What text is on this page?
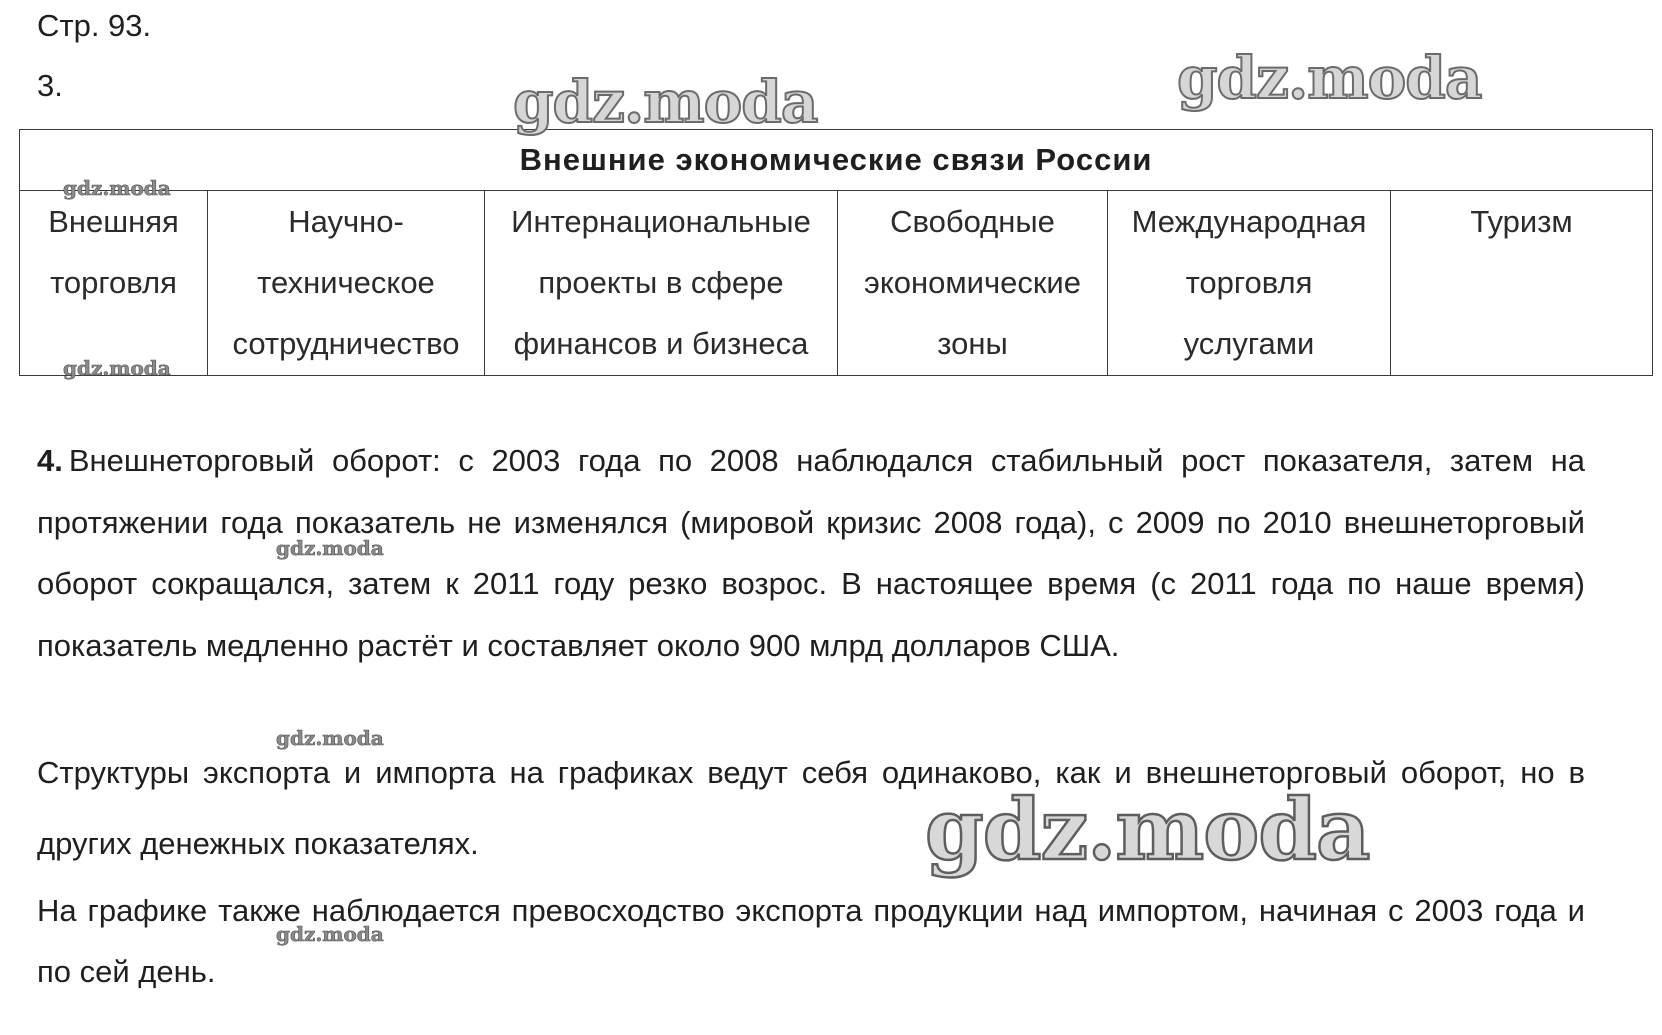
Стр. 93.
3.
Внешние экономические связи России

Внешняя
торговля

Научно-
техническое
сотрудничество

Интернациональные
проекты в сфере
финансов и бизнеса

Свободные
экономические
зоны

Международная
торговля
услугами

Туризм

4. Внешнеторговый оборот: с 2003 года по 2008 наблюдался стабильный рост показателя, затем на протяжении года показатель не изменялся (мировой кризис 2008 года), с 2009 по 2010 внешнеторговый оборот сокращался, затем к 2011 году резко возрос. В настоящее время (с 2011 года по наше время) показатель медленно растёт и составляет около 900 млрд долларов США.

Структуры экспорта и импорта на графиках ведут себя одинаково, как и внешнеторговый оборот, но в других денежных показателях.

На графике также наблюдается превосходство экспорта продукции над импортом, начиная с 2003 года и по сей день.

gdz.moda	gdz.moda
gdz.moda
gdz.moda
gdz.moda
gdz.moda
gdz.moda
gdz.moda
